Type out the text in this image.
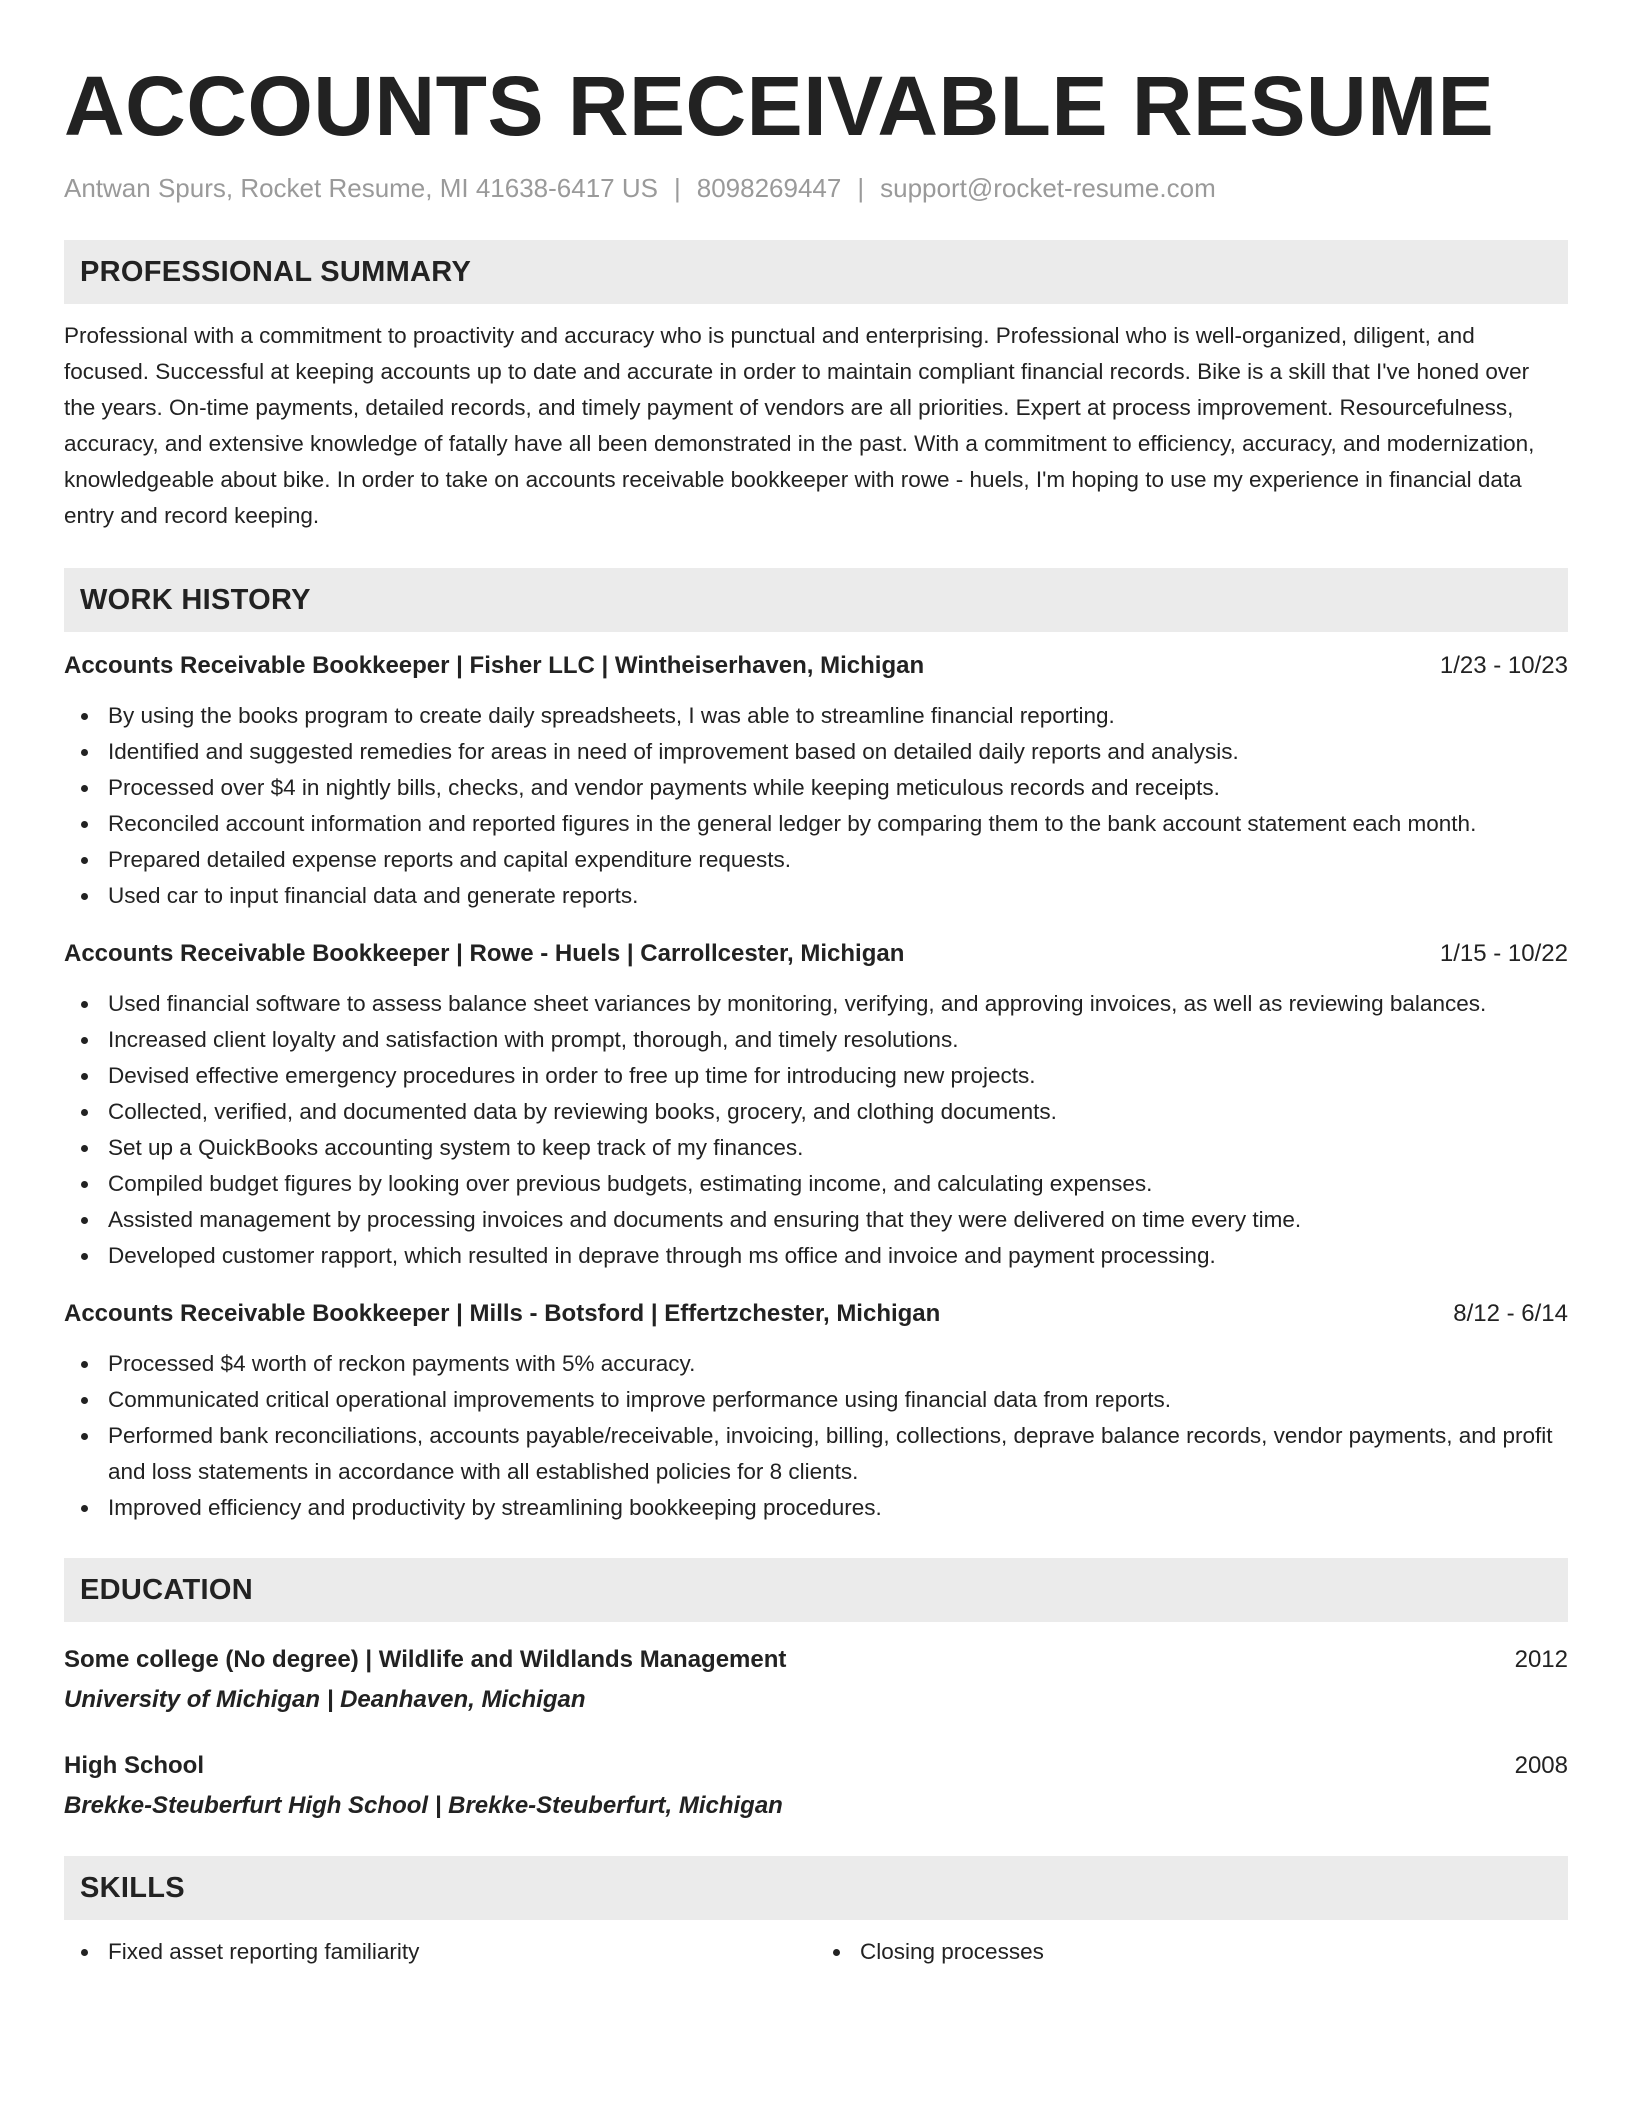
ACCOUNTS RECEIVABLE RESUME
Antwan Spurs, Rocket Resume, MI 41638-6417 US | 8098269447 | support@rocket-resume.com
PROFESSIONAL SUMMARY

Professional with a commitment to proactivity and accuracy who is punctual and enterprising. Professional who is well-organized, diligent, and focused. Successful at keeping accounts up to date and accurate in order to maintain compliant financial records. Bike is a skill that I've honed over the years. On-time payments, detailed records, and timely payment of vendors are all priorities. Expert at process improvement. Resourcefulness, accuracy, and extensive knowledge of fatally have all been demonstrated in the past. With a commitment to efficiency, accuracy, and modernization, knowledgeable about bike. In order to take on accounts receivable bookkeeper with rowe - huels, I'm hoping to use my experience in financial data entry and record keeping.

WORK HISTORY
Accounts Receivable Bookkeeper | Fisher LLC | Wintheiserhaven, Michigan	1/23 - 10/23
By using the books program to create daily spreadsheets, I was able to streamline financial reporting.
Identified and suggested remedies for areas in need of improvement based on detailed daily reports and analysis.
Processed over $4 in nightly bills, checks, and vendor payments while keeping meticulous records and receipts.
Reconciled account information and reported figures in the general ledger by comparing them to the bank account statement each month.
Prepared detailed expense reports and capital expenditure requests.
Used car to input financial data and generate reports.
Accounts Receivable Bookkeeper | Rowe - Huels | Carrollcester, Michigan	1/15 - 10/22
Used financial software to assess balance sheet variances by monitoring, verifying, and approving invoices, as well as reviewing balances.
Increased client loyalty and satisfaction with prompt, thorough, and timely resolutions.
Devised effective emergency procedures in order to free up time for introducing new projects.
Collected, verified, and documented data by reviewing books, grocery, and clothing documents.
Set up a QuickBooks accounting system to keep track of my finances.
Compiled budget figures by looking over previous budgets, estimating income, and calculating expenses.
Assisted management by processing invoices and documents and ensuring that they were delivered on time every time.
Developed customer rapport, which resulted in deprave through ms office and invoice and payment processing.
Accounts Receivable Bookkeeper | Mills - Botsford | Effertzchester, Michigan	8/12 - 6/14
Processed $4 worth of reckon payments with 5% accuracy.
Communicated critical operational improvements to improve performance using financial data from reports.
Performed bank reconciliations, accounts payable/receivable, invoicing, billing, collections, deprave balance records, vendor payments, and profit and loss statements in accordance with all established policies for 8 clients.
Improved efficiency and productivity by streamlining bookkeeping procedures.
EDUCATION
Some college (No degree) | Wildlife and Wildlands Management	2012
University of Michigan | Deanhaven, Michigan
High School	2008
Brekke-Steuberfurt High School | Brekke-Steuberfurt, Michigan
SKILLS
Fixed asset reporting familiarity	Closing processes
